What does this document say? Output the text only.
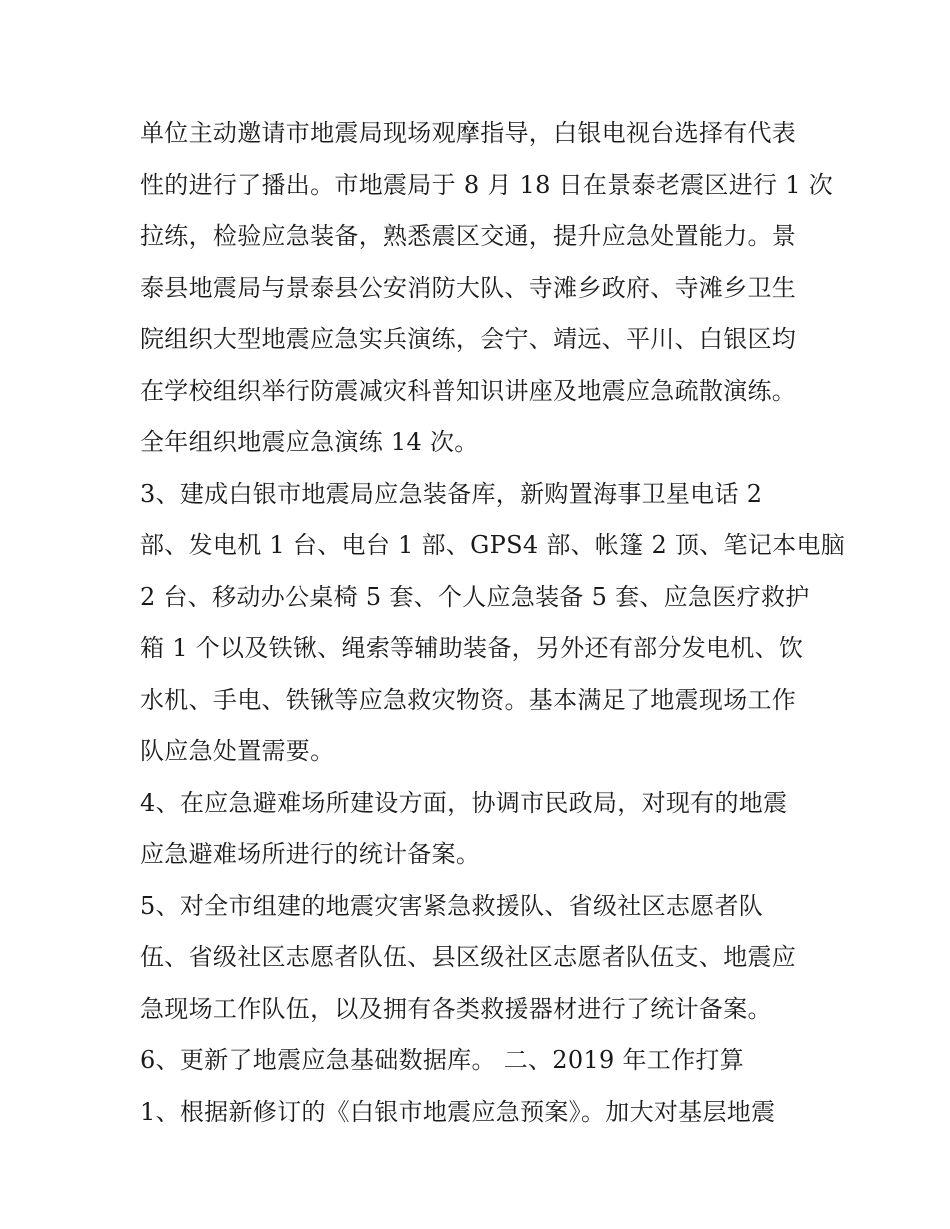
单位主动邀请市地震局现场观摩指导，白银电视台选择有代表
性的进行了播出。市地震局于 8 月 18 日在景泰老震区进行 1 次
拉练，检验应急装备，熟悉震区交通，提升应急处置能力。景
泰县地震局与景泰县公安消防大队、寺滩乡政府、寺滩乡卫生
院组织大型地震应急实兵演练，会宁、靖远、平川、白银区均
在学校组织举行防震减灾科普知识讲座及地震应急疏散演练。
全年组织地震应急演练 14 次。
3、建成白银市地震局应急装备库，新购置海事卫星电话 2
部、发电机 1 台、电台 1 部、GPS4 部、帐篷 2 顶、笔记本电脑
2 台、移动办公桌椅 5 套、个人应急装备 5 套、应急医疗救护
箱 1 个以及铁锹、绳索等辅助装备，另外还有部分发电机、饮
水机、手电、铁锹等应急救灾物资。基本满足了地震现场工作
队应急处置需要。
4、在应急避难场所建设方面，协调市民政局，对现有的地震
应急避难场所进行的统计备案。
5、对全市组建的地震灾害紧急救援队、省级社区志愿者队
伍、省级社区志愿者队伍、县区级社区志愿者队伍支、地震应
急现场工作队伍，以及拥有各类救援器材进行了统计备案。
6、更新了地震应急基础数据库。 二、2019 年工作打算
1、根据新修订的《白银市地震应急预案》。加大对基层地震
